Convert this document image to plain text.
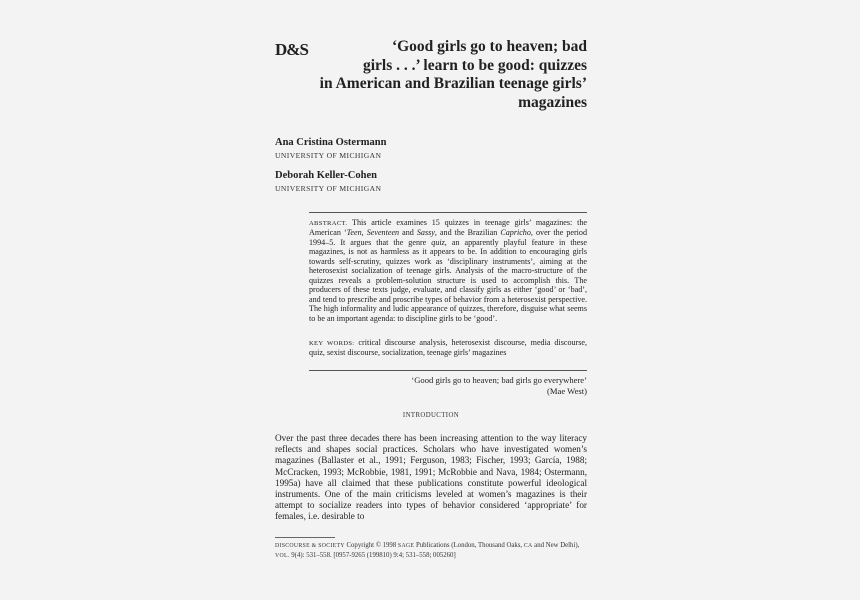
D&S	‘Good girls go to heaven; bad
girls . . .’ learn to be good: quizzes
in American and Brazilian teenage girls’
magazines
Ana Cristina Ostermann
UNIVERSITY OF MICHIGAN
Deborah Keller-Cohen
UNIVERSITY OF MICHIGAN
ABSTRACT. This article examines 15 quizzes in teenage girls’ magazines: the American ‘Teen, Seventeen and Sassy, and the Brazilian Capricho, over the period 1994–5. It argues that the genre quiz, an apparently playful feature in these magazines, is not as harmless as it appears to be. In addition to encouraging girls towards self-scrutiny, quizzes work as ‘disciplinary instruments’, aiming at the heterosexist socialization of teenage girls. Analysis of the macro-structure of the quizzes reveals a problem-solution structure is used to accomplish this. The producers of these texts judge, evaluate, and classify girls as either ‘good’ or ‘bad’, and tend to prescribe and proscribe types of behavior from a heterosexist perspective. The high informality and ludic appearance of quizzes, therefore, disguise what seems to be an important agenda: to discipline girls to be ‘good’.
KEY WORDS: critical discourse analysis, heterosexist discourse, media discourse, quiz, sexist discourse, socialization, teenage girls’ magazines
‘Good girls go to heaven; bad girls go everywhere’
(Mae West)
INTRODUCTION
Over the past three decades there has been increasing attention to the way literacy reflects and shapes social practices. Scholars who have investigated women’s magazines (Ballaster et al., 1991; Ferguson, 1983; Fischer, 1993; García, 1988; McCracken, 1993; McRobbie, 1981, 1991; McRobbie and Nava, 1984; Ostermann, 1995a) have all claimed that these publications constitute powerful ideological instruments. One of the main criticisms leveled at women’s magazines is their attempt to socialize readers into types of behavior considered ‘appropriate’ for females, i.e. desirable to
DISCOURSE & SOCIETY Copyright © 1998 SAGE Publications (London, Thousand Oaks, CA and New Delhi), VOL. 9(4): 531–558. [0957-9265 (199810) 9:4; 531–558; 005260]
